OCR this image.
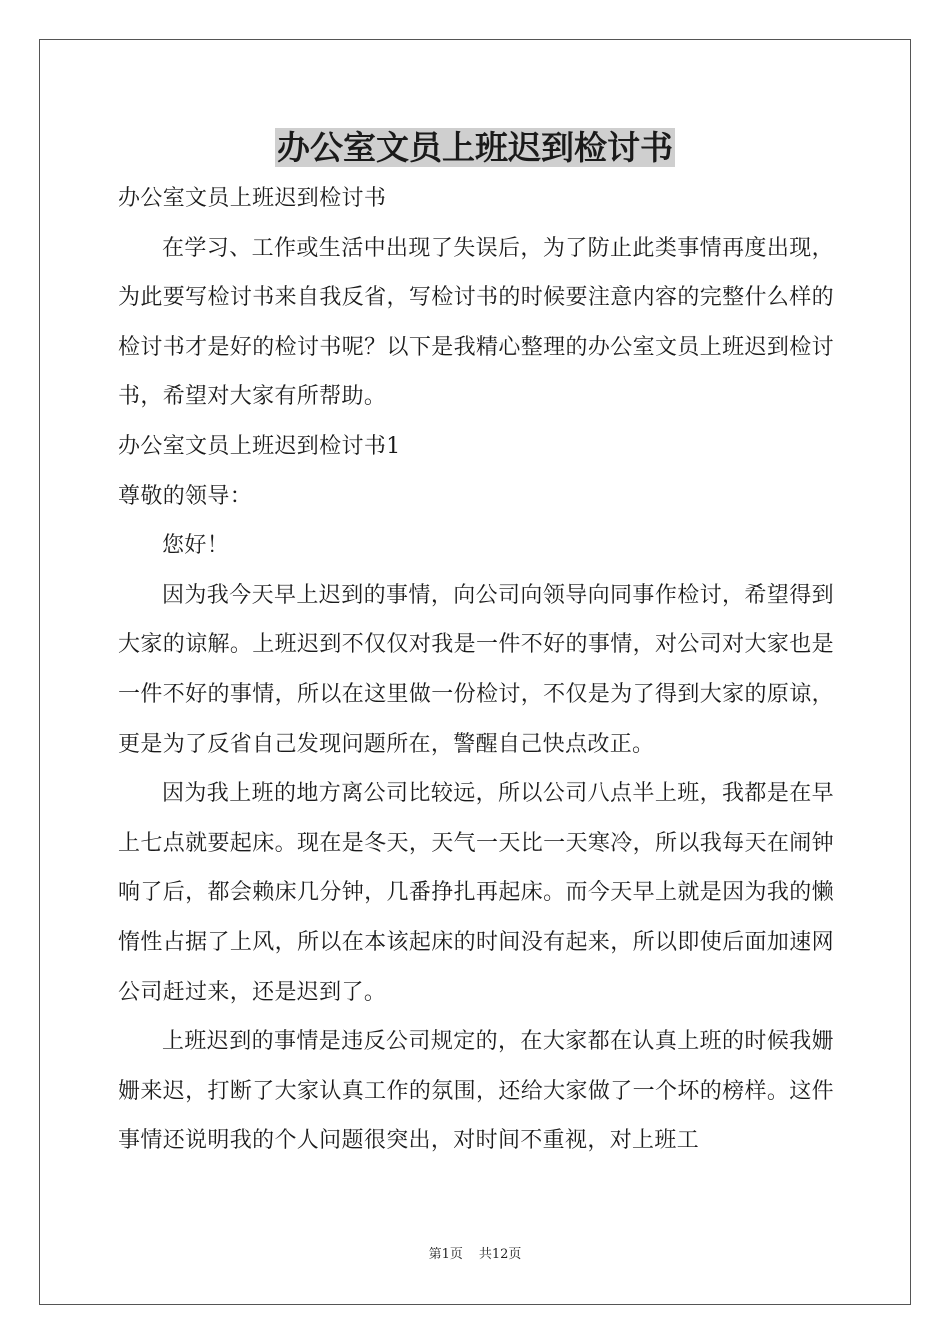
办公室文员上班迟到检讨书

办公室文员上班迟到检讨书

在学习、工作或生活中出现了失误后，为了防止此类事情再度出现，为此要写检讨书来自我反省，写检讨书的时候要注意内容的完整什么样的检讨书才是好的检讨书呢？以下是我精心整理的办公室文员上班迟到检讨书，希望对大家有所帮助。

办公室文员上班迟到检讨书1

尊敬的领导：

您好！

因为我今天早上迟到的事情，向公司向领导向同事作检讨，希望得到大家的谅解。上班迟到不仅仅对我是一件不好的事情，对公司对大家也是一件不好的事情，所以在这里做一份检讨，不仅是为了得到大家的原谅，更是为了反省自己发现问题所在，警醒自己快点改正。

因为我上班的地方离公司比较远，所以公司八点半上班，我都是在早上七点就要起床。现在是冬天，天气一天比一天寒冷，所以我每天在闹钟响了后，都会赖床几分钟，几番挣扎再起床。而今天早上就是因为我的懒惰性占据了上风，所以在本该起床的时间没有起来，所以即使后面加速网公司赶过来，还是迟到了。

上班迟到的事情是违反公司规定的，在大家都在认真上班的时候我姗姗来迟，打断了大家认真工作的氛围，还给大家做了一个坏的榜样。这件事情还说明我的个人问题很突出，对时间不重视，对上班工

第1页 共12页
